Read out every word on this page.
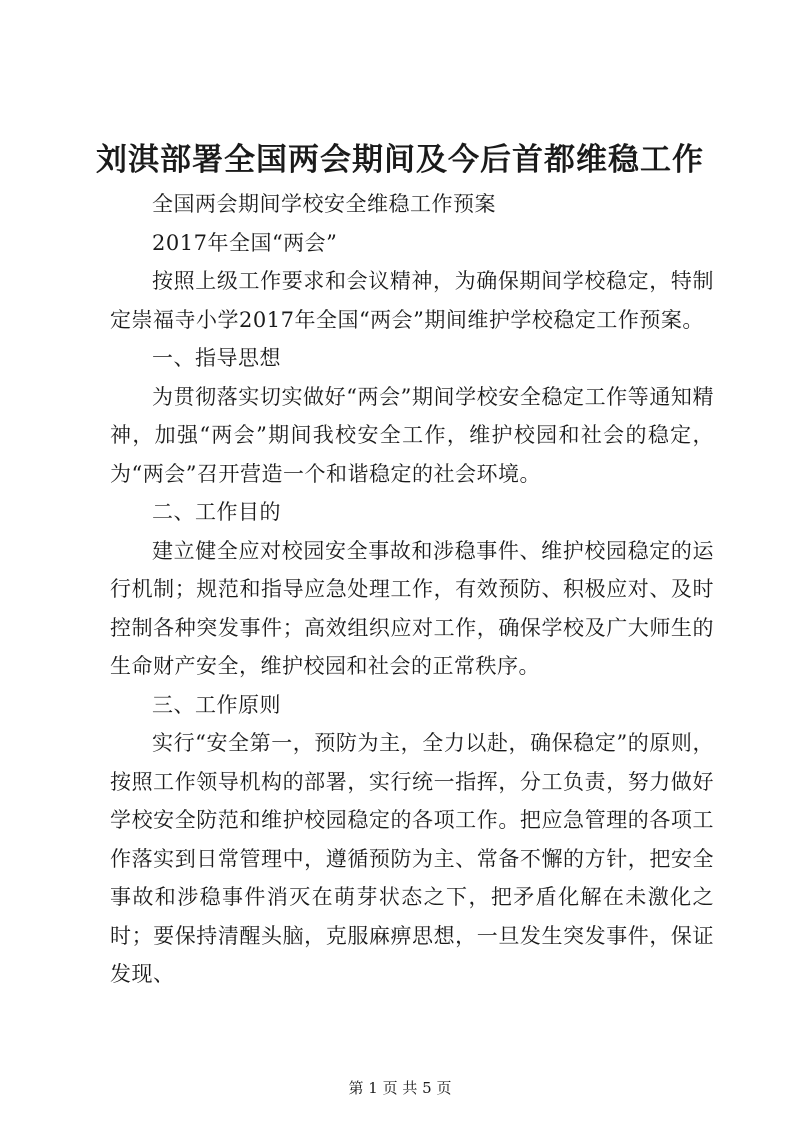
刘淇部署全国两会期间及今后首都维稳工作

全国两会期间学校安全维稳工作预案

2017年全国“两会”

按照上级工作要求和会议精神，为确保期间学校稳定，特制定崇福寺小学2017年全国“两会”期间维护学校稳定工作预案。

一、指导思想

为贯彻落实切实做好“两会”期间学校安全稳定工作等通知精神，加强“两会”期间我校安全工作，维护校园和社会的稳定，为“两会”召开营造一个和谐稳定的社会环境。

二、工作目的

建立健全应对校园安全事故和涉稳事件、维护校园稳定的运行机制；规范和指导应急处理工作，有效预防、积极应对、及时控制各种突发事件；高效组织应对工作，确保学校及广大师生的生命财产安全，维护校园和社会的正常秩序。

三、工作原则

实行“安全第一，预防为主，全力以赴，确保稳定”的原则，按照工作领导机构的部署，实行统一指挥，分工负责，努力做好学校安全防范和维护校园稳定的各项工作。把应急管理的各项工作落实到日常管理中，遵循预防为主、常备不懈的方针，把安全事故和涉稳事件消灭在萌芽状态之下，把矛盾化解在未激化之时；要保持清醒头脑，克服麻痹思想，一旦发生突发事件，保证发现、

第 1 页 共 5 页
